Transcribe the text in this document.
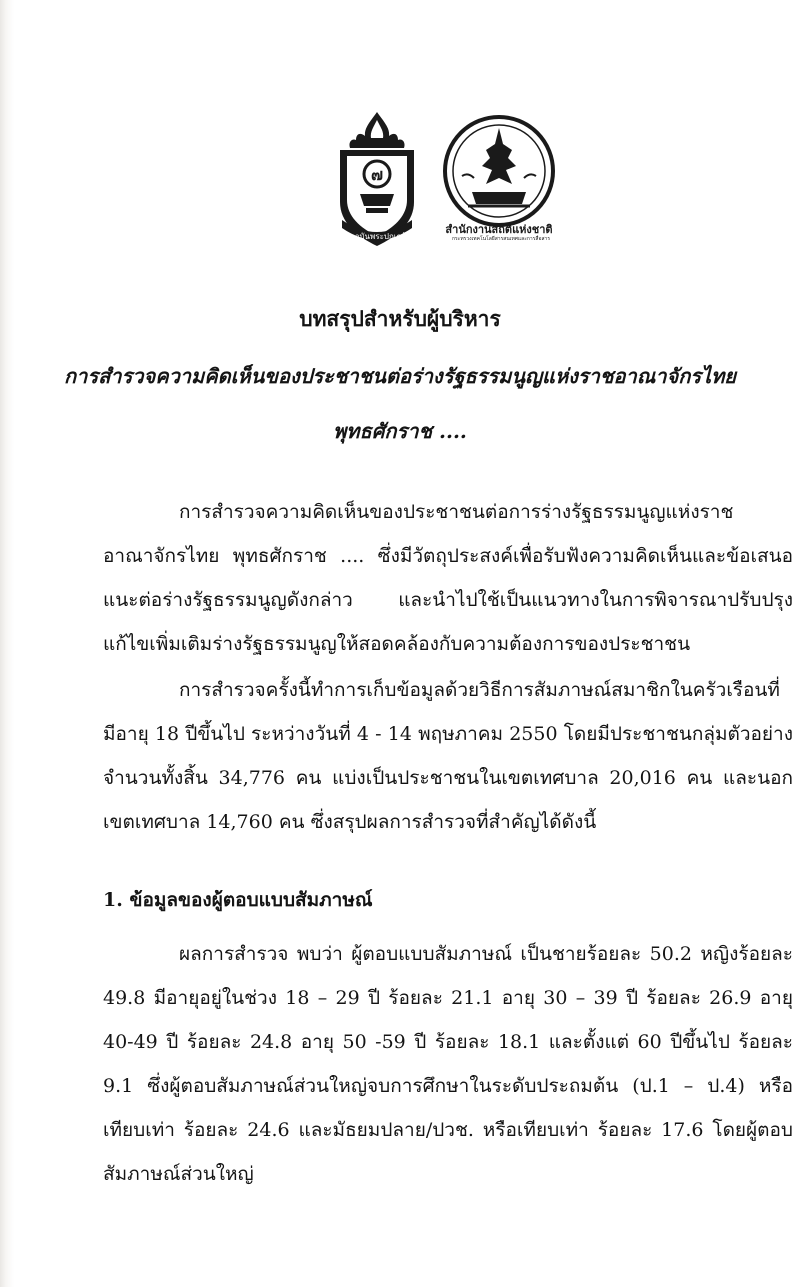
๗
สถาบันพระปกเกล้า
สำนักงานสถิติแห่งชาติ
กระทรวงเทคโนโลยีสารสนเทศและการสื่อสาร
บทสรุปสำหรับผู้บริหาร
การสำรวจความคิดเห็นของประชาชนต่อร่างรัฐธรรมนูญแห่งราชอาณาจักรไทย
พุทธศักราช ....

การสำรวจความคิดเห็นของประชาชนต่อการร่างรัฐธรรมนูญแห่งราชอาณาจักรไทย พุทธศักราช .... ซึ่งมีวัตถุประสงค์เพื่อรับฟังความคิดเห็นและข้อเสนอแนะต่อร่างรัฐธรรมนูญดังกล่าว และนำไปใช้เป็นแนวทางในการพิจารณาปรับปรุง แก้ไขเพิ่มเติมร่างรัฐธรรมนูญให้สอดคล้องกับความต้องการของประชาชน

การสำรวจครั้งนี้ทำการเก็บข้อมูลด้วยวิธีการสัมภาษณ์สมาชิกในครัวเรือนที่มีอายุ 18 ปีขึ้นไป ระหว่างวันที่ 4 - 14 พฤษภาคม 2550 โดยมีประชาชนกลุ่มตัวอย่างจำนวนทั้งสิ้น 34,776 คน แบ่งเป็นประชาชนในเขตเทศบาล 20,016 คน และนอกเขตเทศบาล 14,760 คน ซึ่งสรุปผลการสำรวจที่สำคัญได้ดังนี้

1. ข้อมูลของผู้ตอบแบบสัมภาษณ์

ผลการสำรวจ พบว่า ผู้ตอบแบบสัมภาษณ์ เป็นชายร้อยละ 50.2 หญิงร้อยละ 49.8 มีอายุอยู่ในช่วง 18 – 29 ปี ร้อยละ 21.1 อายุ 30 – 39 ปี ร้อยละ 26.9 อายุ 40-49 ปี ร้อยละ 24.8 อายุ 50 -59 ปี ร้อยละ 18.1 และตั้งแต่ 60 ปีขึ้นไป ร้อยละ 9.1 ซึ่งผู้ตอบสัมภาษณ์ส่วนใหญ่จบการศึกษาในระดับประถมต้น (ป.1 – ป.4) หรือเทียบเท่า ร้อยละ 24.6 และมัธยมปลาย/ปวช. หรือเทียบเท่า ร้อยละ 17.6 โดยผู้ตอบสัมภาษณ์ส่วนใหญ่
